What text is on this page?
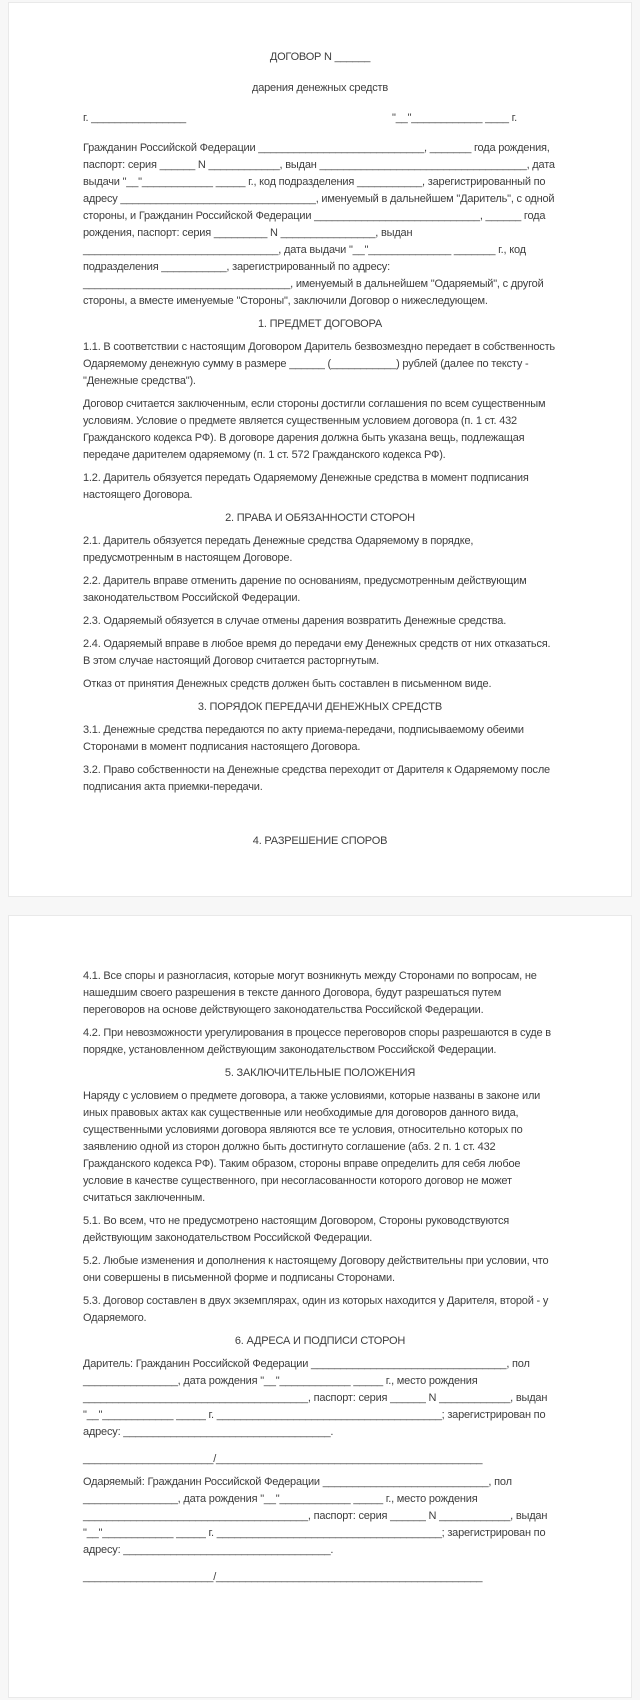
ДОГОВОР N ______
дарения денежных средств
г. ________________	"__"____________ ____ г.

Гражданин Российской Федерации ____________________________, _______ года рождения, паспорт: серия ______ N ____________, выдан ___________________________________, дата выдачи "__"____________ _____ г., код подразделения ___________, зарегистрированный по адресу _________________________________, именуемый в дальнейшем "Даритель", с одной стороны, и Гражданин Российской Федерации ____________________________, ______ года рождения, паспорт: серия _________ N ________________, выдан _________________________________, дата выдачи "__"______________ _______ г., код подразделения ___________, зарегистрированный по адресу: ___________________________________, именуемый в дальнейшем "Одаряемый", с другой стороны, а вместе именуемые "Стороны", заключили Договор о нижеследующем.

1. ПРЕДМЕТ ДОГОВОРА

1.1. В соответствии с настоящим Договором Даритель безвозмездно передает в собственность Одаряемому денежную сумму в размере ______ (___________) рублей (далее по тексту - "Денежные средства").

Договор считается заключенным, если стороны достигли соглашения по всем существенным условиям. Условие о предмете является существенным условием договора (п. 1 ст. 432 Гражданского кодекса РФ). В договоре дарения должна быть указана вещь, подлежащая передаче дарителем одаряемому (п. 1 ст. 572 Гражданского кодекса РФ).

1.2. Даритель обязуется передать Одаряемому Денежные средства в момент подписания настоящего Договора.

2. ПРАВА И ОБЯЗАННОСТИ СТОРОН

2.1. Даритель обязуется передать Денежные средства Одаряемому в порядке, предусмотренным в настоящем Договоре.

2.2. Даритель вправе отменить дарение по основаниям, предусмотренным действующим законодательством Российской Федерации.

2.3. Одаряемый обязуется в случае отмены дарения возвратить Денежные средства.

2.4. Одаряемый вправе в любое время до передачи ему Денежных средств от них отказаться. В этом случае настоящий Договор считается расторгнутым.

Отказ от принятия Денежных средств должен быть составлен в письменном виде.

3. ПОРЯДОК ПЕРЕДАЧИ ДЕНЕЖНЫХ СРЕДСТВ

3.1. Денежные средства передаются по акту приема-передачи, подписываемому обеими Сторонами в момент подписания настоящего Договора.

3.2. Право собственности на Денежные средства переходит от Дарителя к Одаряемому после подписания акта приемки-передачи.

4. РАЗРЕШЕНИЕ СПОРОВ

4.1. Все споры и разногласия, которые могут возникнуть между Сторонами по вопросам, не нашедшим своего разрешения в тексте данного Договора, будут разрешаться путем переговоров на основе действующего законодательства Российской Федерации.

4.2. При невозможности урегулирования в процессе переговоров споры разрешаются в суде в порядке, установленном действующим законодательством Российской Федерации.

5. ЗАКЛЮЧИТЕЛЬНЫЕ ПОЛОЖЕНИЯ

Наряду с условием о предмете договора, а также условиями, которые названы в законе или иных правовых актах как существенные или необходимые для договоров данного вида, существенными условиями договора являются все те условия, относительно которых по заявлению одной из сторон должно быть достигнуто соглашение (абз. 2 п. 1 ст. 432 Гражданского кодекса РФ). Таким образом, стороны вправе определить для себя любое условие в качестве существенного, при несогласованности которого договор не может считаться заключенным.

5.1. Во всем, что не предусмотрено настоящим Договором, Стороны руководствуются действующим законодательством Российской Федерации.

5.2. Любые изменения и дополнения к настоящему Договору действительны при условии, что они совершены в письменной форме и подписаны Сторонами.

5.3. Договор составлен в двух экземплярах, один из которых находится у Дарителя, второй - у Одаряемого.

6. АДРЕСА И ПОДПИСИ СТОРОН

Даритель: Гражданин Российской Федерации _________________________________, пол ________________, дата рождения "__"____________ _____ г., место рождения ______________________________________, паспорт: серия ______ N ____________, выдан "__"____________ _____ г. ______________________________________; зарегистрирован по адресу: ___________________________________.

______________________/_____________________________________________

Одаряемый: Гражданин Российской Федерации ____________________________, пол ________________, дата рождения "__"____________ _____ г., место рождения ______________________________________, паспорт: серия ______ N ____________, выдан "__"____________ _____ г. ______________________________________; зарегистрирован по адресу: ___________________________________.

______________________/_____________________________________________
